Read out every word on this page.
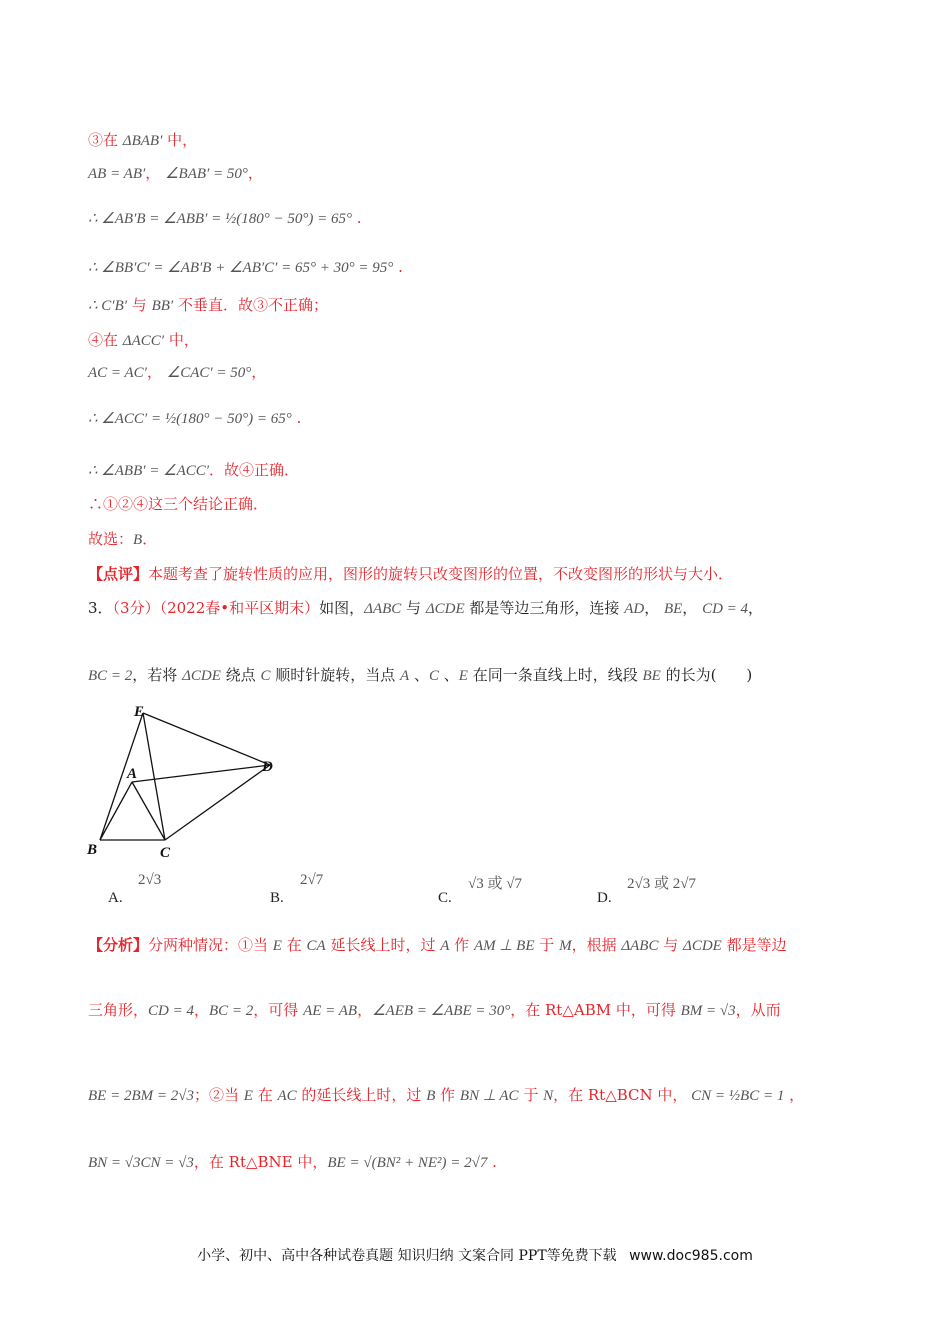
③在 ΔBAB′ 中，
AB = AB′， ∠BAB′ = 50°，
∴ ∠AB′B = ∠ABB′ = ½(180° − 50°) = 65° .
∴ ∠BB′C′ = ∠AB′B + ∠AB′C′ = 65° + 30° = 95° .
∴ C′B′ 与 BB′ 不垂直．故③不正确；
④在 ΔACC′ 中，
AC = AC′， ∠CAC′ = 50°，
∴ ∠ACC′ = ½(180° − 50°) = 65° .
∴ ∠ABB′ = ∠ACC′．故④正确．
∴①②④这三个结论正确．
故选：B．
【点评】本题考查了旋转性质的应用，图形的旋转只改变图形的位置，不改变图形的形状与大小．
3．（3分）（2022春•和平区期末）如图，ΔABC 与 ΔCDE 都是等边三角形，连接 AD， BE， CD = 4，
BC = 2，若将 ΔCDE 绕点 C 顺时针旋转，当点 A 、C 、E 在同一条直线上时，线段 BE 的长为(　　)
【分析】分两种情况：①当 E 在 CA 延长线上时，过 A 作 AM ⊥ BE 于 M，根据 ΔABC 与 ΔCDE 都是等边
三角形，CD = 4，BC = 2，可得 AE = AB，∠AEB = ∠ABE = 30°，在 Rt△ABM 中，可得 BM = √3，从而
BE = 2BM = 2√3；②当 E 在 AC 的延长线上时，过 B 作 BN ⊥ AC 于 N，在 Rt△BCN 中， CN = ½BC = 1 ，
BN = √3CN = √3，在 Rt△BNE 中，BE = √(BN² + NE²) = 2√7 .
E
A	D
B	C
A.
2√3
B.
2√7
C.
√3 或 √7
D.
2√3 或 2√7
小学、初中、高中各种试卷真题 知识归纳 文案合同 PPT等免费下载 www.doc985.com
